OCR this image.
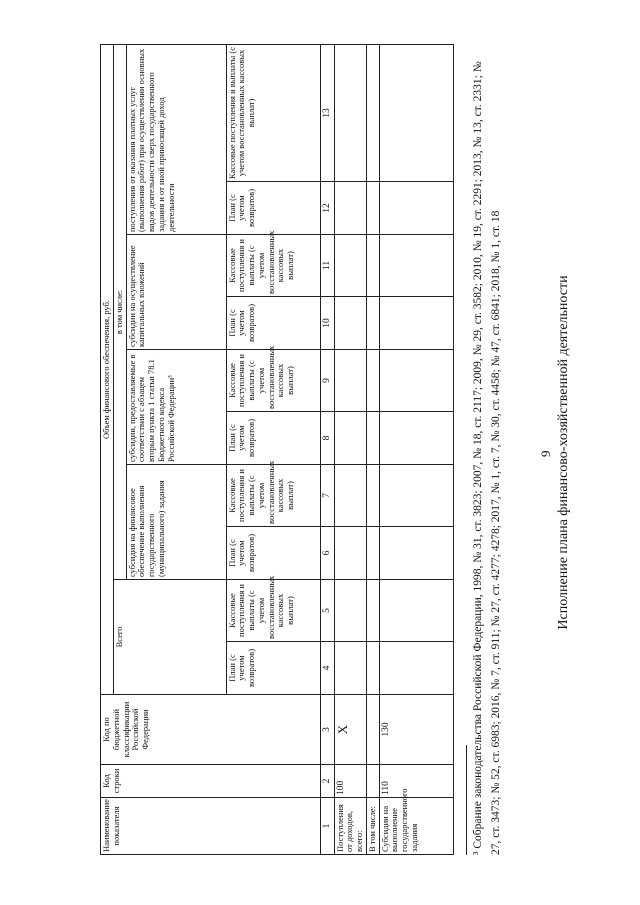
9 Исполнение плана финансово-хозяйственной деятельности
Наименование показателя	Код строки	Код по бюджетной классификации Российской Федерации	Объем финансового обеспечения, руб.									
			Всего		в том числе:							
					субсидия на финансовое обеспечение выполнения государственного (муниципального) задания		субсидии, предоставляемые в соответствии с абзацем вторым пункта 1 статьи 78.1 Бюджетного кодекса Российской Федерации³		субсидии на осуществление капитальных вложений		поступления от оказания платных услуг (выполнения работ) при осуществлении основных видов деятельности сверх государственного задания и от иной приносящей доход деятельности	
			План (с учетом возвратов)	Кассовые поступления и выплаты (с учетом восстановленных кассовых выплат)	План (с учетом возвратов)	Кассовые поступления и выплаты (с учетом восстановленных кассовых выплат)	План (с учетом возвратов)	Кассовые поступления и выплаты (с учетом восстановленных кассовых выплат)	План (с учетом возвратов)	Кассовые поступления и выплаты (с учетом восстановленных кассовых выплат)	План (с учетом возвратов)	Кассовые поступления и выплаты (с учетом восстановленных кассовых выплат)
1	2	3	4	5	6	7	8	9	10	11	12	13
Поступления от доходов, всего:	100	X										
В том числе:												
Субсидии на выполнение государственного задания	110	130											³ Собрание законодательства Российской Федерации, 1998, № 31, ст. 3823; 2007, № 18, ст. 2117; 2009, № 29, ст. 3582; 2010, № 19, ст. 2291; 2013, № 13, ст. 2331; № 27, ст. 3473; № 52, ст. 6983; 2016, № 7, ст. 911; № 27, ст. 4277; 4278; 2017, № 1, ст. 7, № 30, ст. 4458; № 47, ст. 6841; 2018, № 1, ст. 18
